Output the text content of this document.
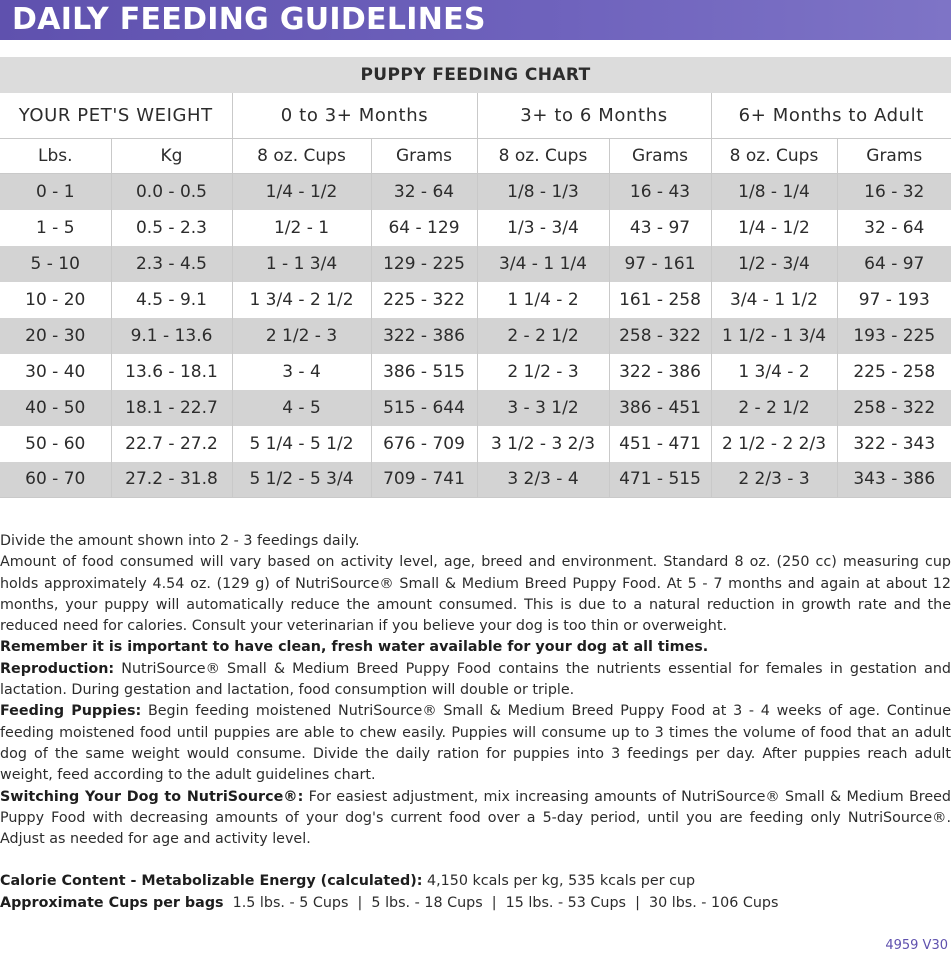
DAILY FEEDING GUIDELINES
PUPPY FEEDING CHART							
YOUR PET'S WEIGHT		0 to 3+ Months		3+ to 6 Months		6+ Months to Adult	
Lbs.	Kg	8 oz. Cups	Grams	8 oz. Cups	Grams	8 oz. Cups	Grams
0 - 1	0.0 - 0.5	1/4 - 1/2	32 - 64	1/8 - 1/3	16 - 43	1/8 - 1/4	16 - 32
1 - 5	0.5 - 2.3	1/2 - 1	64 - 129	1/3 - 3/4	43 - 97	1/4 - 1/2	32 - 64
5 - 10	2.3 - 4.5	1 - 1 3/4	129 - 225	3/4 - 1 1/4	97 - 161	1/2 - 3/4	64 - 97
10 - 20	4.5 - 9.1	1 3/4 - 2 1/2	225 - 322	1 1/4 - 2	161 - 258	3/4 - 1 1/2	97 - 193
20 - 30	9.1 - 13.6	2 1/2 - 3	322 - 386	2 - 2 1/2	258 - 322	1 1/2 - 1 3/4	193 - 225
30 - 40	13.6 - 18.1	3 - 4	386 - 515	2 1/2 - 3	322 - 386	1 3/4 - 2	225 - 258
40 - 50	18.1 - 22.7	4 - 5	515 - 644	3 - 3 1/2	386 - 451	2 - 2 1/2	258 - 322
50 - 60	22.7 - 27.2	5 1/4 - 5 1/2	676 - 709	3 1/2 - 3 2/3	451 - 471	2 1/2 - 2 2/3	322 - 343
60 - 70	27.2 - 31.8	5 1/2 - 5 3/4	709 - 741	3 2/3 - 4	471 - 515	2 2/3 - 3	343 - 386

Divide the amount shown into 2 - 3 feedings daily.

Amount of food consumed will vary based on activity level, age, breed and environment. Standard 8 oz. (250 cc) measuring cup holds approximately 4.54 oz. (129 g) of NutriSource® Small & Medium Breed Puppy Food. At 5 - 7 months and again at about 12 months, your puppy will automatically reduce the amount consumed. This is due to a natural reduction in growth rate and the reduced need for calories. Consult your veterinarian if you believe your dog is too thin or overweight.

Remember it is important to have clean, fresh water available for your dog at all times.

Reproduction: NutriSource® Small & Medium Breed Puppy Food contains the nutrients essential for females in gestation and lactation. During gestation and lactation, food consumption will double or triple.

Feeding Puppies: Begin feeding moistened NutriSource® Small & Medium Breed Puppy Food at 3 - 4 weeks of age. Continue feeding moistened food until puppies are able to chew easily. Puppies will consume up to 3 times the volume of food that an adult dog of the same weight would consume. Divide the daily ration for puppies into 3 feedings per day. After puppies reach adult weight, feed according to the adult guidelines chart.

Switching Your Dog to NutriSource®: For easiest adjustment, mix increasing amounts of NutriSource® Small & Medium Breed Puppy Food with decreasing amounts of your dog's current food over a 5-day period, until you are feeding only NutriSource®. Adjust as needed for age and activity level.

Calorie Content - Metabolizable Energy (calculated): 4,150 kcals per kg, 535 kcals per cup

Approximate Cups per bags  1.5 lbs. - 5 Cups  |  5 lbs. - 18 Cups  |  15 lbs. - 53 Cups  |  30 lbs. - 106 Cups

4959 V30
